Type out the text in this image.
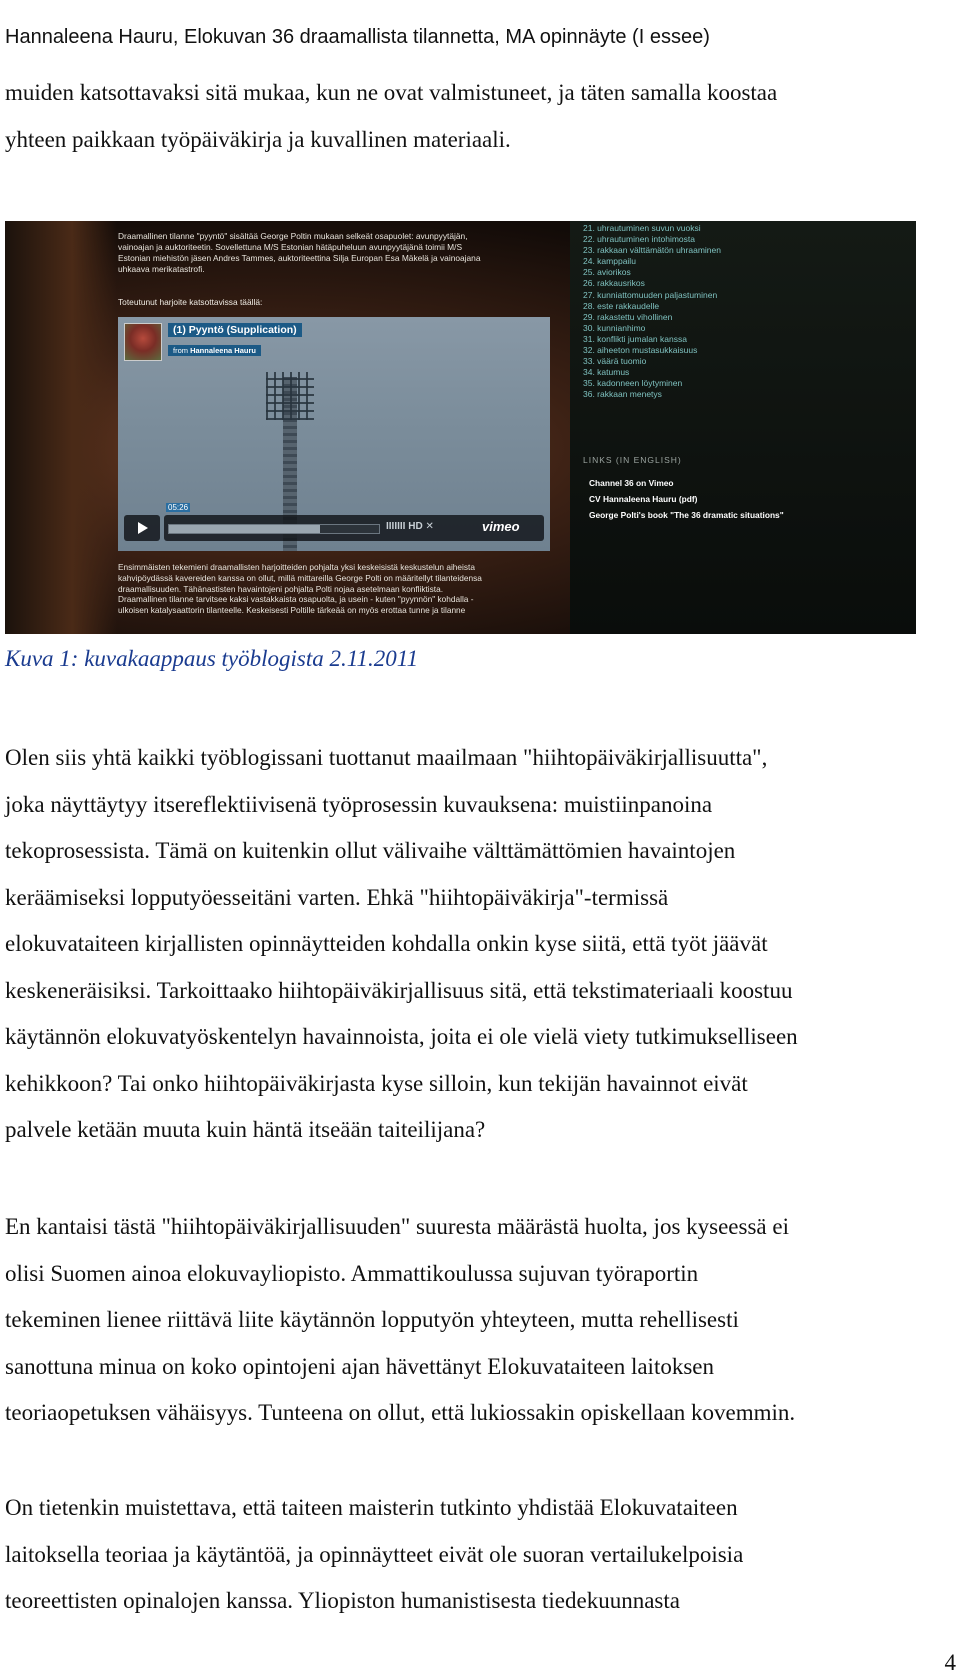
Hannaleena Hauru, Elokuvan 36 draamallista tilannetta, MA opinnäyte (I essee)

muiden katsottavaksi sitä mukaa, kun ne ovat valmistuneet, ja täten samalla koostaa
yhteen paikkaan työpäiväkirja ja kuvallinen materiaali.

Draamallinen tilanne "pyyntö" sisältää George Poltin mukaan selkeät osapuolet: avunpyytäjän,
vainoajan ja auktoriteetin. Sovellettuna M/S Estonian hätäpuheluun avunpyytäjänä toimii M/S
Estonian miehistön jäsen Andres Tammes, auktoriteettina Silja Europan Esa Mäkelä ja vainoajana
uhkaava merikatastrofi.
Toteutunut harjoite katsottavissa täällä:
(1) Pyyntö (Supplication)
from Hannaleena Hauru
05:26
IIIIIII HD ✕	vimeo
Ensimmäisten tekemieni draamallisten harjoitteiden pohjalta yksi keskeisistä keskustelun aiheista
kahvipöydässä kavereiden kanssa on ollut, millä mittareilla George Polti on määritellyt tilanteidensa
draamallisuuden. Tähänastisten havaintojeni pohjalta Polti nojaa asetelmaan konfliktista.
Draamallinen tilanne tarvitsee kaksi vastakkaista osapuolta, ja usein - kuten "pyynnön" kohdalla -
ulkoisen katalysaattorin tilanteelle. Keskeisesti Poltille tärkeää on myös erottaa tunne ja tilanne
21. uhrautuminen suvun vuoksi
22. uhrautuminen intohimosta
23. rakkaan välttämätön uhraaminen
24. kamppailu
25. aviorikos
26. rakkausrikos
27. kunniattomuuden paljastuminen
28. este rakkaudelle
29. rakastettu vihollinen
30. kunnianhimo
31. konflikti jumalan kanssa
32. aiheeton mustasukkaisuus
33. väärä tuomio
34. katumus
35. kadonneen löytyminen
36. rakkaan menetys
LINKS (IN ENGLISH)
Channel 36 on Vimeo
CV Hannaleena Hauru (pdf)
George Polti's book "The 36 dramatic situations"
Kuva 1: kuvakaappaus työblogista 2.11.2011

Olen siis yhtä kaikki työblogissani tuottanut maailmaan "hiihtopäiväkirjallisuutta",
joka näyttäytyy itsereflektiivisenä työprosessin kuvauksena: muistiinpanoina
tekoprosessista. Tämä on kuitenkin ollut välivaihe välttämättömien havaintojen
keräämiseksi lopputyöesseitäni varten. Ehkä "hiihtopäiväkirja"-termissä
elokuvataiteen kirjallisten opinnäytteiden kohdalla onkin kyse siitä, että työt jäävät
keskeneräisiksi. Tarkoittaako hiihtopäiväkirjallisuus sitä, että tekstimateriaali koostuu
käytännön elokuvatyöskentelyn havainnoista, joita ei ole vielä viety tutkimukselliseen
kehikkoon? Tai onko hiihtopäiväkirjasta kyse silloin, kun tekijän havainnot eivät
palvele ketään muuta kuin häntä itseään taiteilijana?

En kantaisi tästä "hiihtopäiväkirjallisuuden" suuresta määrästä huolta, jos kyseessä ei
olisi Suomen ainoa elokuvayliopisto. Ammattikoulussa sujuvan työraportin
tekeminen lienee riittävä liite käytännön lopputyön yhteyteen, mutta rehellisesti
sanottuna minua on koko opintojeni ajan hävettänyt Elokuvataiteen laitoksen
teoriaopetuksen vähäisyys. Tunteena on ollut, että lukiossakin opiskellaan kovemmin.

On tietenkin muistettava, että taiteen maisterin tutkinto yhdistää Elokuvataiteen
laitoksella teoriaa ja käytäntöä, ja opinnäytteet eivät ole suoran vertailukelpoisia
teoreettisten opinalojen kanssa. Yliopiston humanistisesta tiedekuunnasta

4
